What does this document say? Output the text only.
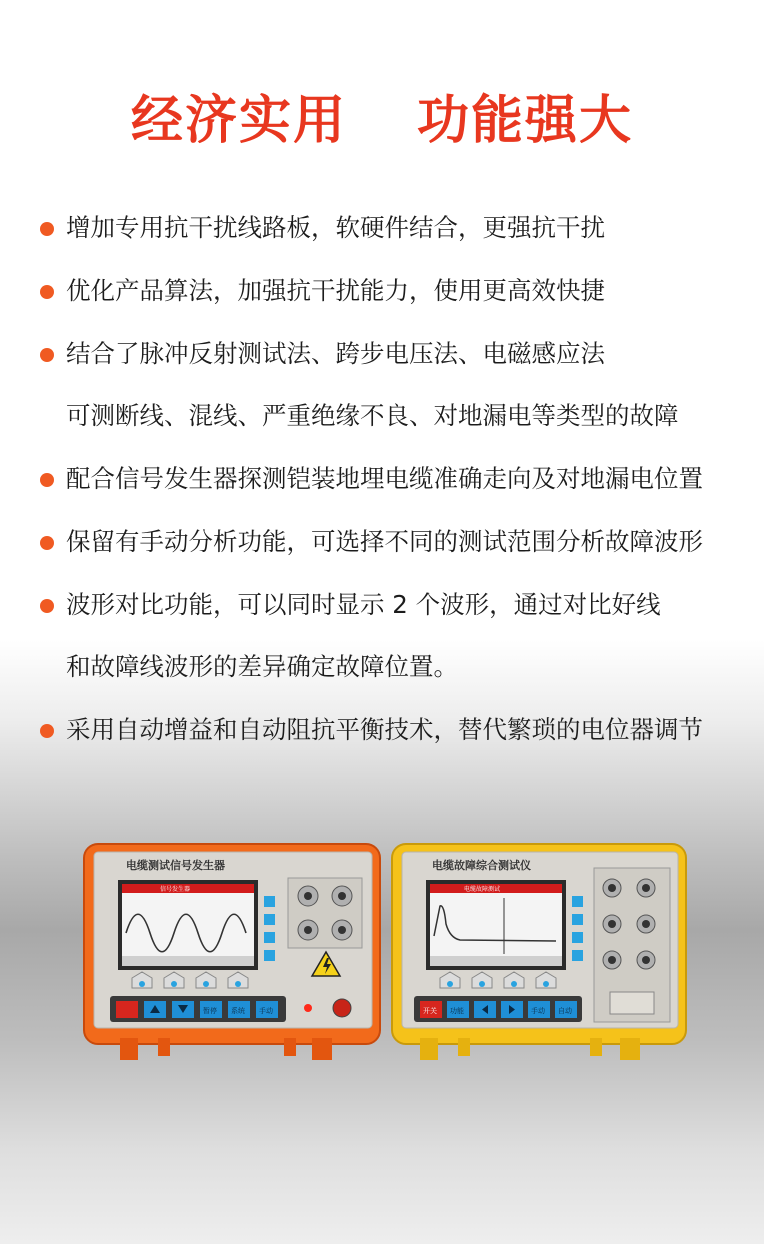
经济实用 功能强大
增加专用抗干扰线路板，软硬件结合，更强抗干扰
优化产品算法，加强抗干扰能力，使用更高效快捷
结合了脉冲反射测试法、跨步电压法、电磁感应法
可测断线、混线、严重绝缘不良、对地漏电等类型的故障
配合信号发生器探测铠装地埋电缆准确走向及对地漏电位置
保留有手动分析功能，可选择不同的测试范围分析故障波形
波形对比功能，可以同时显示 2 个波形，通过对比好线
和故障线波形的差异确定故障位置。
采用自动增益和自动阻抗平衡技术，替代繁琐的电位器调节
电缆测试信号发生器
信号发生器
暂停 系统 手动
电缆故障综合测试仪
电缆故障测试
开关 功能	手动 自动
